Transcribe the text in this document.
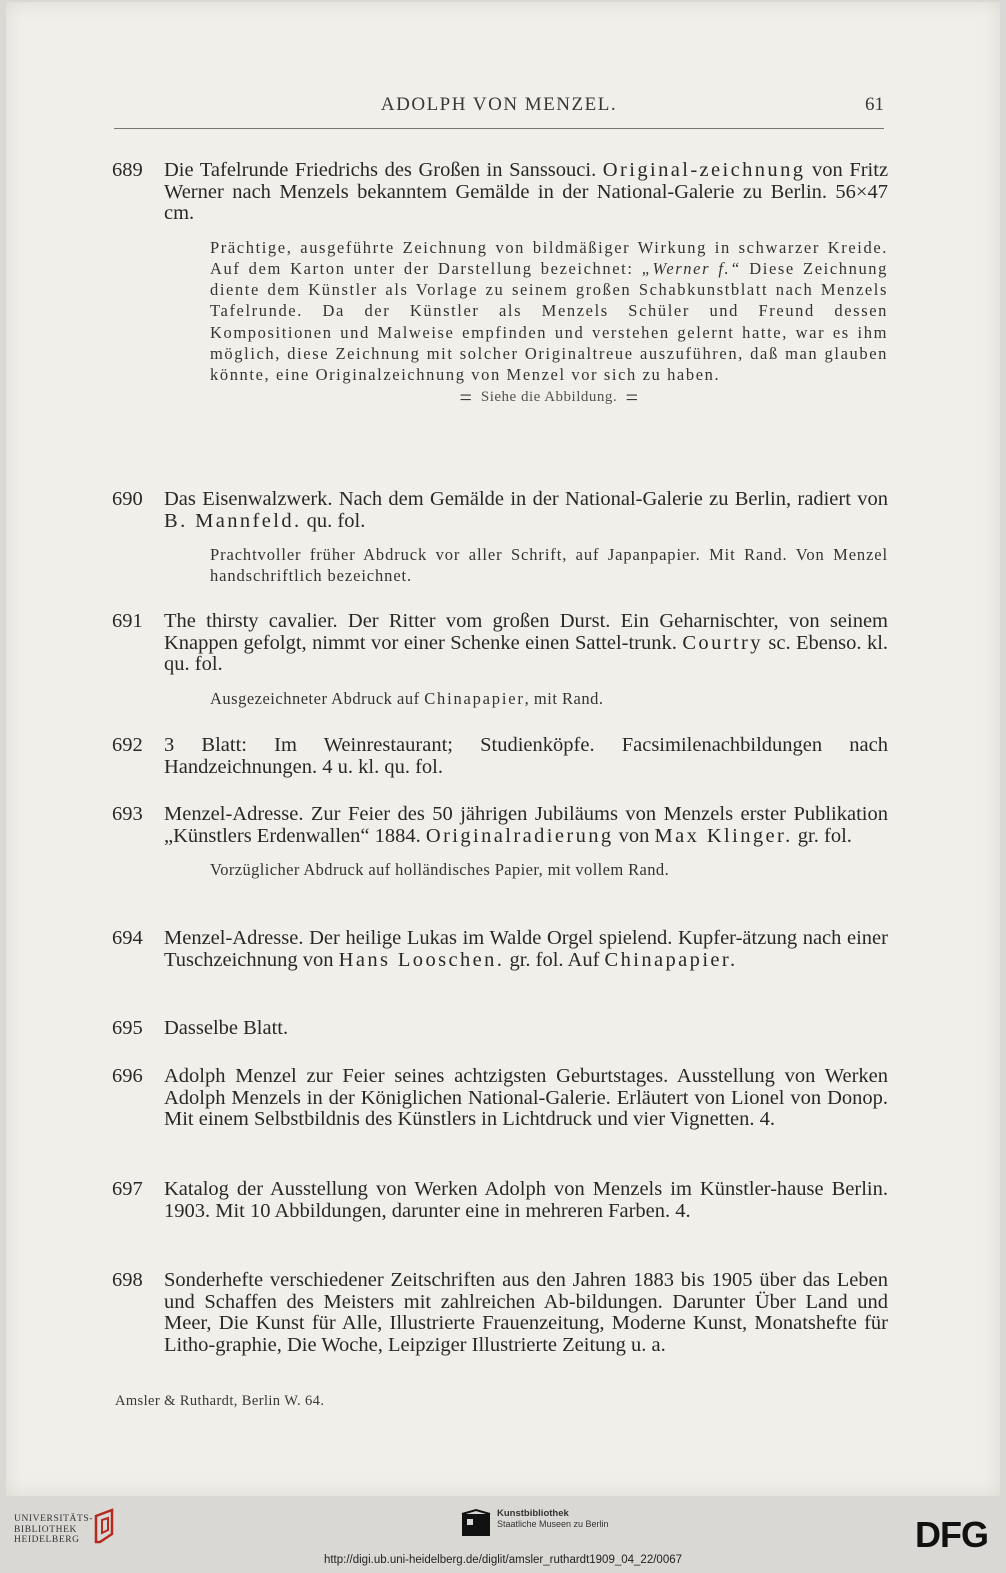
ADOLPH VON MENZEL.	61
689	Die Tafelrunde Friedrichs des Großen in Sanssouci. Original-zeichnung von Fritz Werner nach Menzels bekanntem Gemälde in der National-Galerie zu Berlin. 56×47 cm.
Prächtige, ausgeführte Zeichnung von bildmäßiger Wirkung in schwarzer Kreide. Auf dem Karton unter der Darstellung bezeichnet: „Werner f.“ Diese Zeichnung diente dem Künstler als Vorlage zu seinem großen Schabkunstblatt nach Menzels Tafelrunde. Da der Künstler als Menzels Schüler und Freund dessen Kompositionen und Malweise empfinden und verstehen gelernt hatte, war es ihm möglich, diese Zeichnung mit solcher Originaltreue auszuführen, daß man glauben könnte, eine Originalzeichnung von Menzel vor sich zu haben.
= Siehe die Abbildung. =
690	Das Eisenwalzwerk. Nach dem Gemälde in der National-Galerie zu Berlin, radiert von B. Mannfeld. qu. fol.
Prachtvoller früher Abdruck vor aller Schrift, auf Japanpapier. Mit Rand. Von Menzel handschriftlich bezeichnet.
691	The thirsty cavalier. Der Ritter vom großen Durst. Ein Geharnischter, von seinem Knappen gefolgt, nimmt vor einer Schenke einen Sattel-trunk. Courtry sc. Ebenso. kl. qu. fol.
Ausgezeichneter Abdruck auf Chinapapier, mit Rand.
692	3 Blatt: Im Weinrestaurant; Studienköpfe. Facsimilenachbildungen nach Handzeichnungen. 4 u. kl. qu. fol.
693	Menzel-Adresse. Zur Feier des 50 jährigen Jubiläums von Menzels erster Publikation „Künstlers Erdenwallen“ 1884. Originalradierung von Max Klinger. gr. fol.
Vorzüglicher Abdruck auf holländisches Papier, mit vollem Rand.
694	Menzel-Adresse. Der heilige Lukas im Walde Orgel spielend. Kupfer-ätzung nach einer Tuschzeichnung von Hans Looschen. gr. fol. Auf Chinapapier.
695	Dasselbe Blatt.
696	Adolph Menzel zur Feier seines achtzigsten Geburtstages. Ausstellung von Werken Adolph Menzels in der Königlichen National-Galerie. Erläutert von Lionel von Donop. Mit einem Selbstbildnis des Künstlers in Lichtdruck und vier Vignetten. 4.
697	Katalog der Ausstellung von Werken Adolph von Menzels im Künstler-hause Berlin. 1903. Mit 10 Abbildungen, darunter eine in mehreren Farben. 4.
698	Sonderhefte verschiedener Zeitschriften aus den Jahren 1883 bis 1905 über das Leben und Schaffen des Meisters mit zahlreichen Ab-bildungen. Darunter Über Land und Meer, Die Kunst für Alle, Illustrierte Frauenzeitung, Moderne Kunst, Monatshefte für Litho-graphie, Die Woche, Leipziger Illustrierte Zeitung u. a.
Amsler & Ruthardt, Berlin W. 64.
UNIVERSITÄTS-
BIBLIOTHEK
HEIDELBERG
Kunstbibliothek
Staatliche Museen zu Berlin	DFG
http://digi.ub.uni-heidelberg.de/diglit/amsler_ruthardt1909_04_22/0067
